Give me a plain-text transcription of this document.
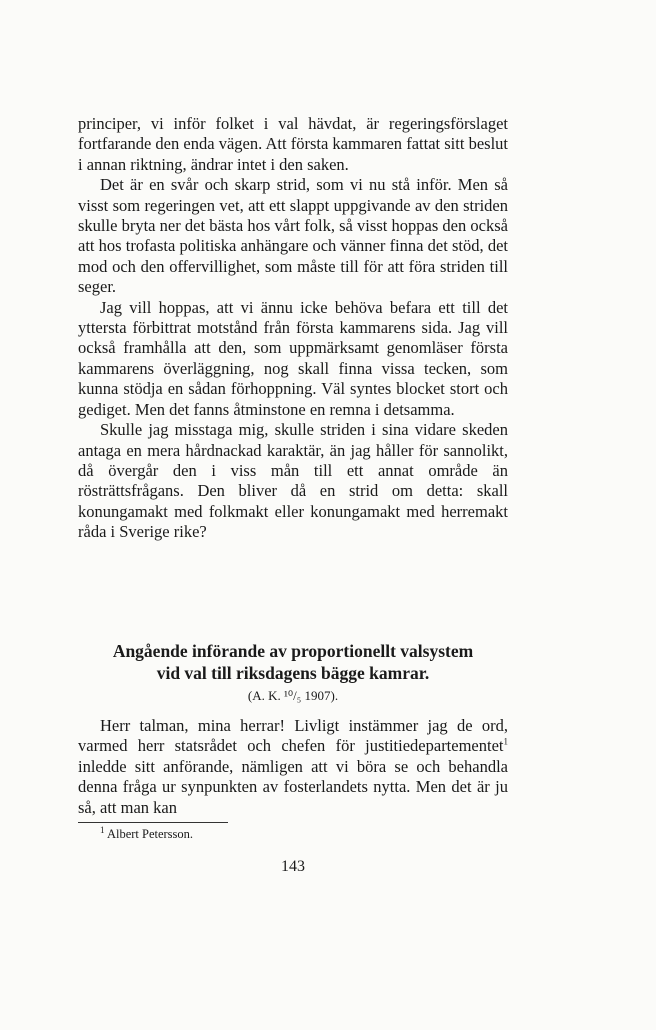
principer, vi inför folket i val hävdat, är regeringsförslaget fortfarande den enda vägen. Att första kammaren fattat sitt beslut i annan riktning, ändrar intet i den saken.

Det är en svår och skarp strid, som vi nu stå inför. Men så visst som regeringen vet, att ett slappt uppgivande av den striden skulle bryta ner det bästa hos vårt folk, så visst hoppas den också att hos trofasta politiska anhängare och vänner finna det stöd, det mod och den offervillighet, som måste till för att föra striden till seger.

Jag vill hoppas, att vi ännu icke behöva befara ett till det yttersta förbittrat motstånd från första kammarens sida. Jag vill också framhålla att den, som uppmärksamt genomläser första kammarens överläggning, nog skall finna vissa tecken, som kunna stödja en sådan förhoppning. Väl syntes blocket stort och gediget. Men det fanns åtminstone en remna i detsamma.

Skulle jag misstaga mig, skulle striden i sina vidare skeden antaga en mera hårdnackad karaktär, än jag håller för sannolikt, då övergår den i viss mån till ett annat område än rösträttsfrågans. Den bliver då en strid om detta: skall konungamakt med folkmakt eller konungamakt med herremakt råda i Sverige rike?

Angående införande av proportionellt valsystem
vid val till riksdagens bägge kamrar.
(A. K. ¹⁰/₅ 1907).

Herr talman, mina herrar! Livligt instämmer jag de ord, varmed herr statsrådet och chefen för justitiedepartementet$^1$ inledde sitt anförande, nämligen att vi böra se och behandla denna fråga ur synpunkten av fosterlandets nytta. Men det är ju så, att man kan

$^1$ Albert Petersson.
143
